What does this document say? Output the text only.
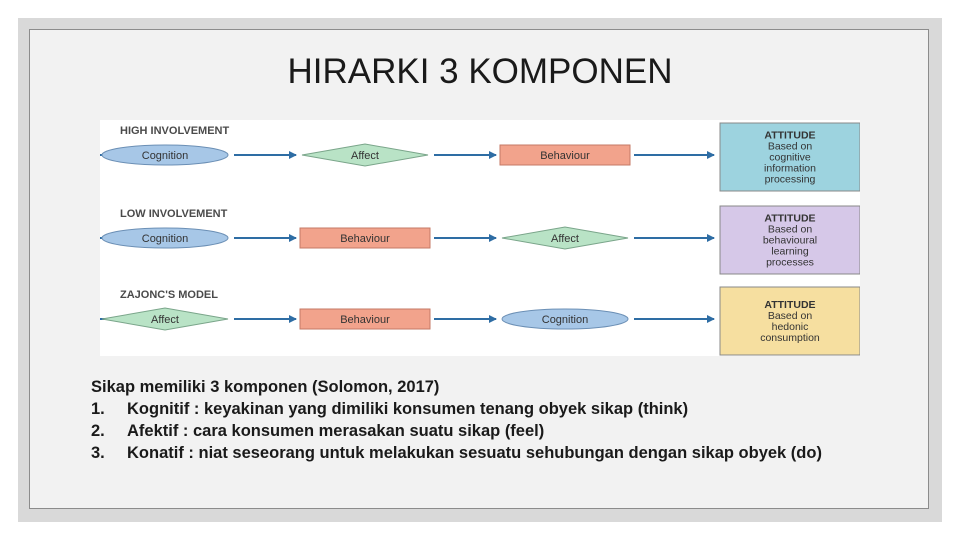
HIRARKI 3 KOMPONEN
HIGH INVOLVEMENT
Cognition	Affect	Behaviour
ATTITUDE
Based on
cognitive
information
processing
LOW INVOLVEMENT
Cognition	Behaviour	Affect
ATTITUDE
Based on
behavioural
learning
processes
ZAJONC'S MODEL
Affect	Behaviour	Cognition
ATTITUDE
Based on
hedonic
consumption
Sikap memiliki 3 komponen (Solomon, 2017)
1.	Kognitif : keyakinan yang dimiliki konsumen tenang obyek sikap (think)
2.	Afektif : cara konsumen merasakan suatu sikap (feel)
3.	Konatif : niat seseorang untuk melakukan sesuatu sehubungan dengan sikap obyek (do)
